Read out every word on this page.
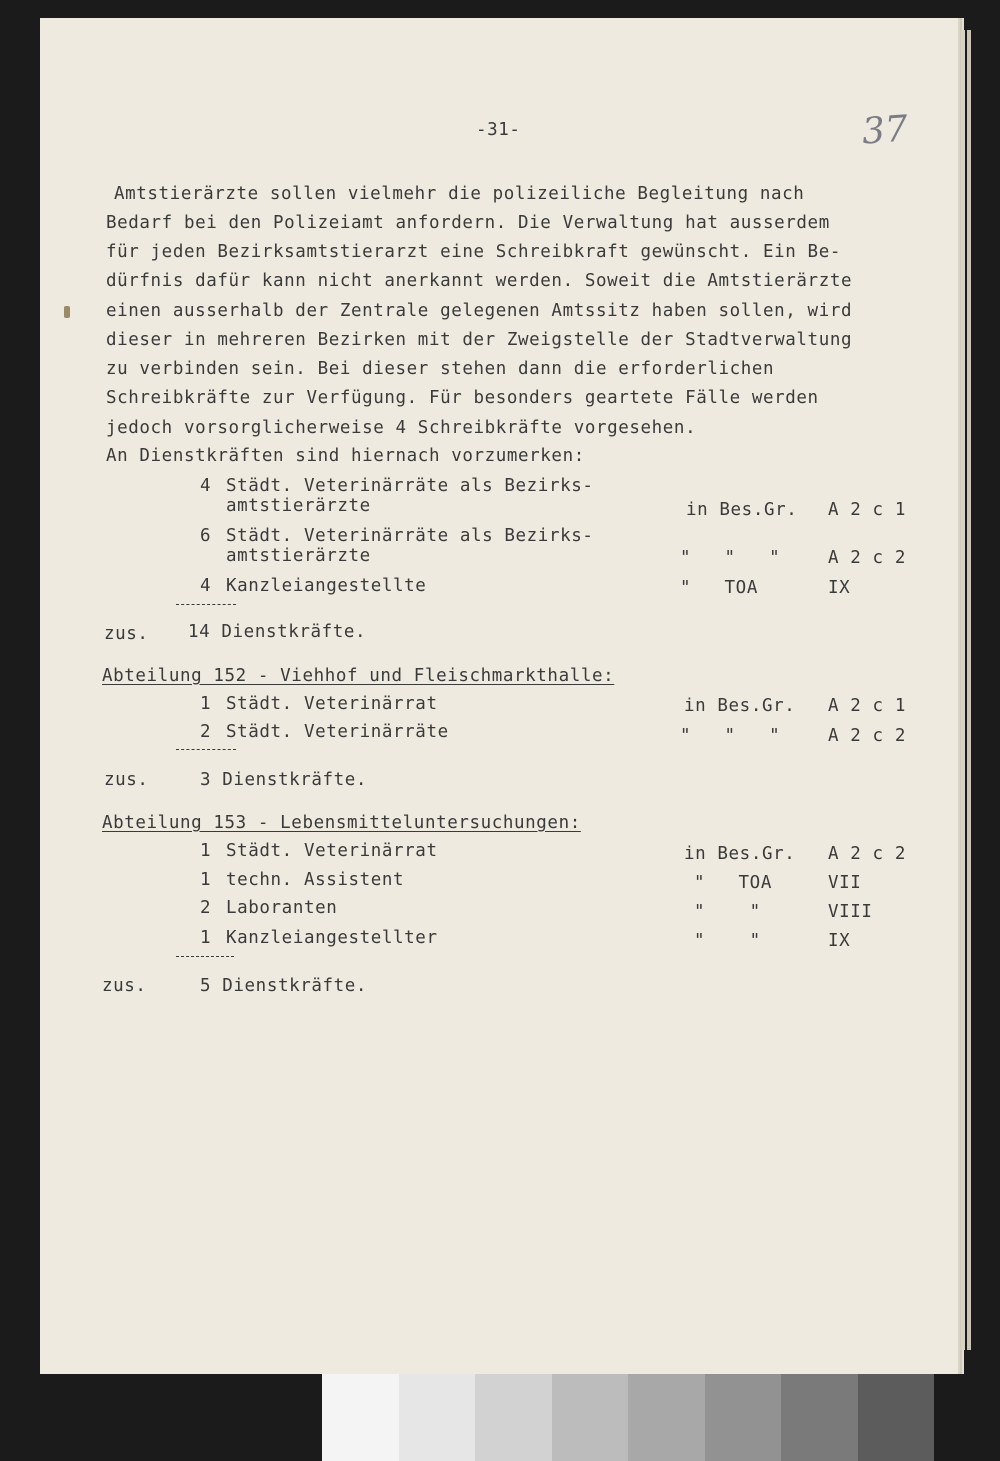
-31-	37
Amtstierärzte sollen vielmehr die polizeiliche Begleitung nach
Bedarf bei den Polizeiamt anfordern. Die Verwaltung hat ausserdem
für jeden Bezirksamtstierarzt eine Schreibkraft gewünscht. Ein Be-
dürfnis dafür kann nicht anerkannt werden. Soweit die Amtstierärzte
einen ausserhalb der Zentrale gelegenen Amtssitz haben sollen, wird
dieser in mehreren Bezirken mit der Zweigstelle der Stadtverwaltung
zu verbinden sein. Bei dieser stehen dann die erforderlichen
Schreibkräfte zur Verfügung. Für besonders geartete Fälle werden
jedoch vorsorglicherweise 4 Schreibkräfte vorgesehen.
An Dienstkräften sind hiernach vorzumerken:
4 Städt. Veterinärräte als Bezirks-
amtstierärzte	in Bes.Gr. A 2 c 1
6 Städt. Veterinärräte als Bezirks-
amtstierärzte	"   "   "	A 2 c 2
4 Kanzleiangestellte	"   TOA	IX
zus. 14 Dienstkräfte.
Abteilung 152 - Viehhof und Fleischmarkthalle:
1 Städt. Veterinärrat	in Bes.Gr. A 2 c 1
2 Städt. Veterinärräte	"   "   "	A 2 c 2
zus.	3 Dienstkräfte.
Abteilung 153 - Lebensmitteluntersuchungen:
1 Städt. Veterinärrat	in Bes.Gr. A 2 c 2
1 techn. Assistent	"   TOA	VII
2 Laboranten	"    "	VIII
1 Kanzleiangestellter	"    "	IX
zus.	5 Dienstkräfte.
